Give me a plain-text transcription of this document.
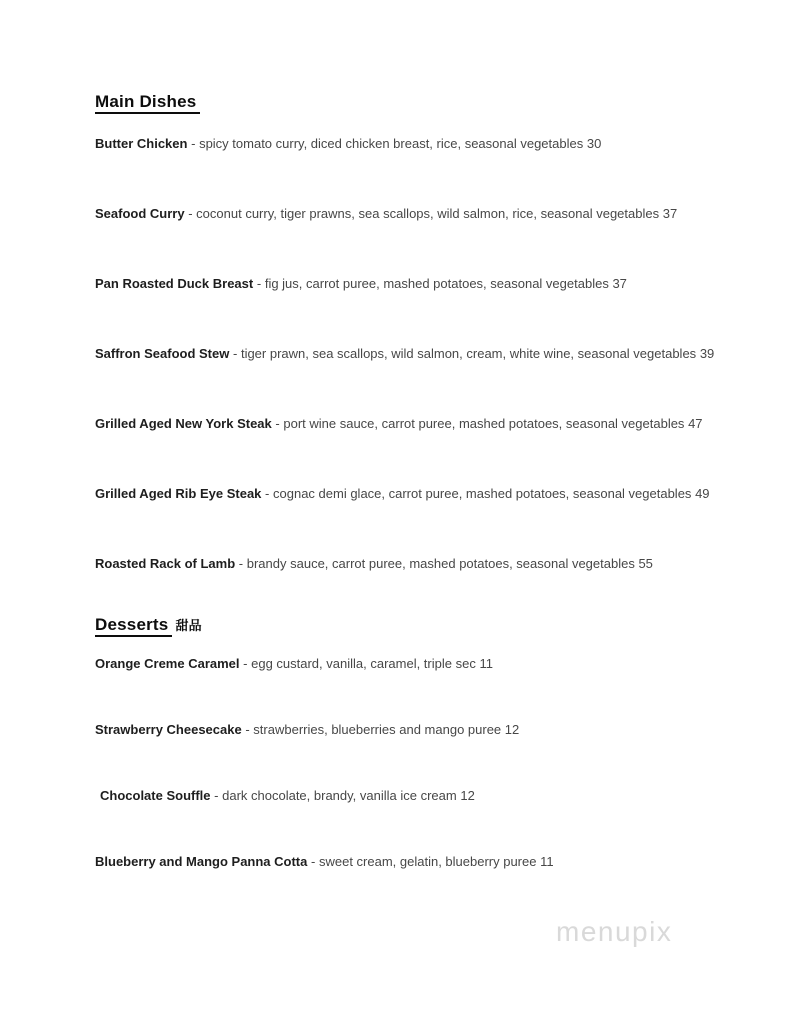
Main Dishes
Butter Chicken - spicy tomato curry, diced chicken breast, rice, seasonal vegetables 30
Seafood Curry - coconut curry, tiger prawns, sea scallops, wild salmon, rice, seasonal vegetables 37
Pan Roasted Duck Breast - fig jus, carrot puree, mashed potatoes, seasonal vegetables 37
Saffron Seafood Stew - tiger prawn, sea scallops, wild salmon, cream, white wine, seasonal vegetables 39
Grilled Aged New York Steak - port wine sauce, carrot puree, mashed potatoes, seasonal vegetables 47
Grilled Aged Rib Eye Steak - cognac demi glace, carrot puree, mashed potatoes, seasonal vegetables 49
Roasted Rack of Lamb - brandy sauce, carrot puree, mashed potatoes, seasonal vegetables 55
Desserts 甜品
Orange Creme Caramel - egg custard, vanilla, caramel, triple sec 11
Strawberry Cheesecake - strawberries, blueberries and mango puree 12
Chocolate Souffle - dark chocolate, brandy, vanilla ice cream 12
Blueberry and Mango Panna Cotta - sweet cream, gelatin, blueberry puree 11
menupix
